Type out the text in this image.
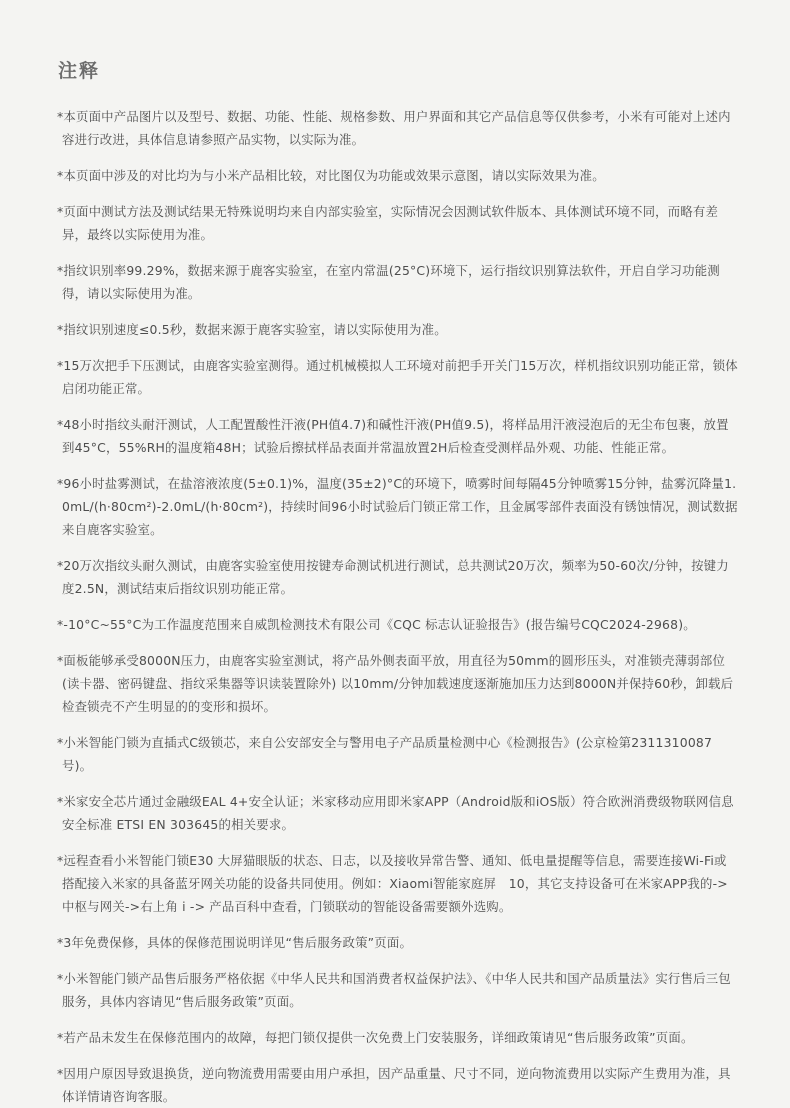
注释
*本页面中产品图片以及型号、数据、功能、性能、规格参数、用户界面和其它产品信息等仅供参考，小米有可能对上述内容进行改进，具体信息请参照产品实物，以实际为准。
*本页面中涉及的对比均为与小米产品相比较，对比图仅为功能或效果示意图，请以实际效果为准。
*页面中测试方法及测试结果无特殊说明均来自内部实验室，实际情况会因测试软件版本、具体测试环境不同，而略有差异，最终以实际使用为准。
*指纹识别率99.29%，数据来源于鹿客实验室，在室内常温(25°C)环境下，运行指纹识别算法软件，开启自学习功能测得，请以实际使用为准。
*指纹识别速度≤0.5秒，数据来源于鹿客实验室，请以实际使用为准。
*15万次把手下压测试，由鹿客实验室测得。通过机械模拟人工环境对前把手开关门15万次，样机指纹识别功能正常，锁体启闭功能正常。
*48小时指纹头耐汗测试，人工配置酸性汗液(PH值4.7)和碱性汗液(PH值9.5)，将样品用汗液浸泡后的无尘布包裹，放置到45°C，55%RH的温度箱48H；试验后擦拭样品表面并常温放置2H后检查受测样品外观、功能、性能正常。
*96小时盐雾测试，在盐溶液浓度(5±0.1)%，温度(35±2)°C的环境下，喷雾时间每隔45分钟喷雾15分钟，盐雾沉降量1.0mL/(h·80cm²)-2.0mL/(h·80cm²)，持续时间96小时试验后门锁正常工作，且金属零部件表面没有锈蚀情况，测试数据来自鹿客实验室。
*20万次指纹头耐久测试，由鹿客实验室使用按键寿命测试机进行测试，总共测试20万次，频率为50-60次/分钟，按键力度2.5N，测试结束后指纹识别功能正常。
*-10°C~55°C为工作温度范围来自威凯检测技术有限公司《CQC 标志认证验报告》(报告编号CQC2024-2968)。
*面板能够承受8000N压力，由鹿客实验室测试，将产品外侧表面平放，用直径为50mm的圆形压头，对准锁壳薄弱部位(读卡器、密码键盘、指纹采集器等识读装置除外) 以10mm/分钟加载速度逐渐施加压力达到8000N并保持60秒，卸载后检查锁壳不产生明显的的变形和损坏。
*小米智能门锁为直插式C级锁芯，来自公安部安全与警用电子产品质量检测中心《检测报告》(公京检第2311310087号)。
*米家安全芯片通过金融级EAL 4+安全认证；米家移动应用即米家APP（Android版和iOS版）符合欧洲消费级物联网信息安全标准 ETSI EN 303645的相关要求。
*远程查看小米智能门锁E30 大屏猫眼版的状态、日志，以及接收异常告警、通知、低电量提醒等信息，需要连接Wi-Fi或搭配接入米家的具备蓝牙网关功能的设备共同使用。例如：Xiaomi智能家庭屏　10，其它支持设备可在米家APP我的->中枢与网关->右上角 i -> 产品百科中查看，门锁联动的智能设备需要额外选购。
*3年免费保修，具体的保修范围说明详见“售后服务政策”页面。
*小米智能门锁产品售后服务严格依据《中华人民共和国消费者权益保护法》、《中华人民共和国产品质量法》实行售后三包服务，具体内容请见“售后服务政策”页面。
*若产品未发生在保修范围内的故障，每把门锁仅提供一次免费上门安装服务，详细政策请见“售后服务政策”页面。
*因用户原因导致退换货，逆向物流费用需要由用户承担，因产品重量、尺寸不同，逆向物流费用以实际产生费用为准，具体详情请咨询客服。
